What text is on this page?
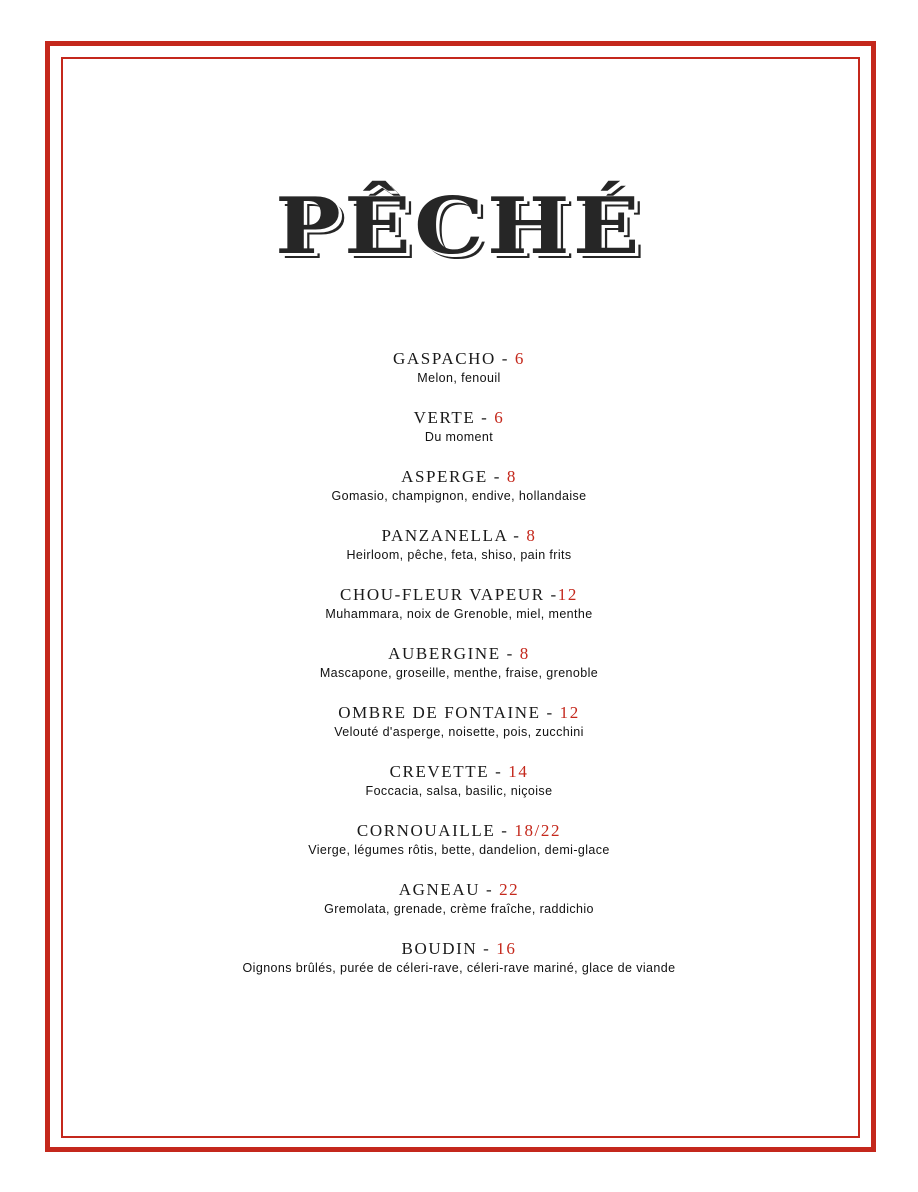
PÊCHÉ
GASPACHO - 6
Melon, fenouil
VERTE - 6
Du moment
ASPERGE - 8
Gomasio, champignon, endive, hollandaise
PANZANELLA - 8
Heirloom, pêche, feta, shiso, pain frits
CHOU-FLEUR VAPEUR -12
Muhammara, noix de Grenoble, miel, menthe
AUBERGINE - 8
Mascapone, groseille, menthe, fraise, grenoble
OMBRE DE FONTAINE - 12
Velouté d'asperge, noisette, pois, zucchini
CREVETTE - 14
Foccacia, salsa, basilic, niçoise
CORNOUAILLE - 18/22
Vierge, légumes rôtis, bette, dandelion, demi-glace
AGNEAU - 22
Gremolata, grenade, crème fraîche, raddichio
BOUDIN - 16
Oignons brûlés, purée de céleri-rave, céleri-rave mariné, glace de viande
